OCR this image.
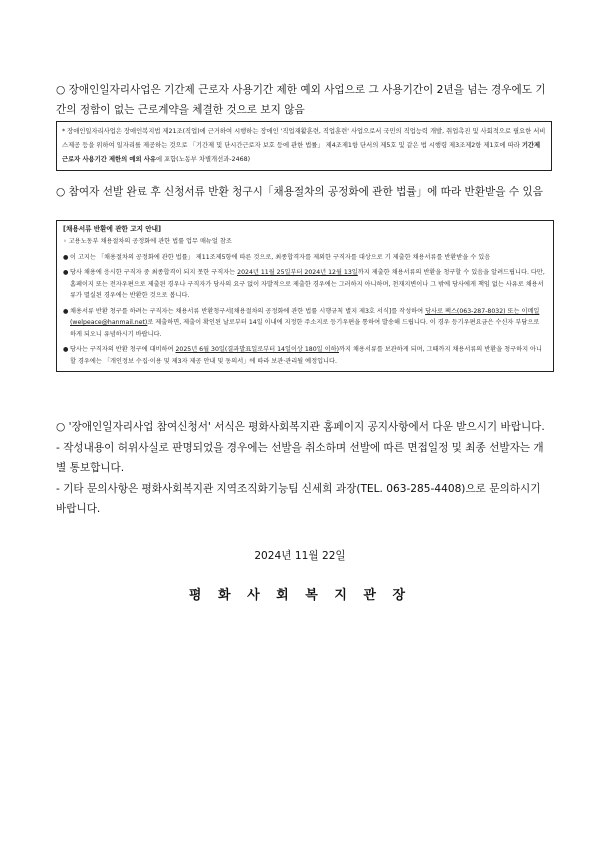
○ 장애인일자리사업은 기간제 근로자 사용기간 제한 예외 사업으로 그 사용기간이 2년을 넘는 경우에도 기간의 정함이 없는 근로계약을 체결한 것으로 보지 않음
* 장애인일자리사업은 장애인복지법 제21조(직업)에 근거하여 시행하는 장애인 '직업재활훈련, 직업훈련' 사업으로서 국민의 직업능력 개발, 취업촉진 및 사회적으로 필요한 서비스제공 등을 위하여 일자리를 제공하는 것으로 「기간제 및 단시간근로자 보호 등에 관한 법률」 제4조제1항 단서의 제5호 및 같은 법 시행령 제3조제2항 제1호에 따라 기간제 근로자 사용기간 제한의 예외 사유에 포함(노동부 차별개선과-2468)
○ 참여자 선발 완료 후 신청서류 반환 청구시「채용절차의 공정화에 관한 법률」에 따라 반환받을 수 있음
[채용서류 반환에 관한 고지 안내]
◦ 고용노동부 채용절차의 공정화에 관한 법률 업무 매뉴얼 참조
● 이 고지는 「채용절차의 공정화에 관한 법률」 제11조제5항에 따른 것으로, 최종합격자를 제외한 구직자를 대상으로 기 제출한 채용서류를 반환받을 수 있음
● 당사 채용에 응시한 구직자 중 최종합격이 되지 못한 구직자는 2024년 11월 25일부터 2024년 12월 13일까지 제출한 채용서류의 반환을 청구할 수 있음을 알려드립니다. 다만, 홈페이지 또는 전자우편으로 제출된 경우나 구직자가 당사의 요구 없이 자발적으로 제출한 경우에는 그러하지 아니하며, 천재지변이나 그 밖에 당사에게 책임 없는 사유로 채용서류가 멸실된 경우에는 반환한 것으로 봅니다.
● 채용서류 반환 청구를 하려는 구직자는 채용서류 반환청구서[채용절차의 공정화에 관한 법률 시행규칙 별지 제3호 서식]를 작성하여 당사로 팩스(063-287-8032) 또는 이메일 (welpeace@hanmail.net)로 제출하면, 제출이 확인된 날로부터 14일 이내에 지정한 주소지로 등기우편을 통하여 발송해 드립니다. 이 경우 등기우편요금은 수신자 부담으로 하게 되오니 유념하시기 바랍니다.
● 당사는 구직자의 반환 청구에 대비하여 2025년 6월 30일(결과발표일로부터 14일이상 180일 이하)까지 채용서류를 보관하게 되며, 그때까지 채용서류의 반환을 청구하지 아니할 경우에는 「개인정보 수집·이용 및 제3자 제공 안내 및 동의서」에 따라 보관·관리될 예정입니다.
○ '장애인일자리사업 참여신청서' 서식은 평화사회복지관 홈페이지 공지사항에서 다운 받으시기 바랍니다.
- 작성내용이 허위사실로 판명되었을 경우에는 선발을 취소하며 선발에 따른 면접일정 및 최종 선발자는 개별 통보합니다.
- 기타 문의사항은 평화사회복지관 지역조직화기능팀 신세희 과장(TEL. 063-285-4408)으로 문의하시기 바랍니다.
2024년 11월 22일
평 화 사 회 복 지 관 장
